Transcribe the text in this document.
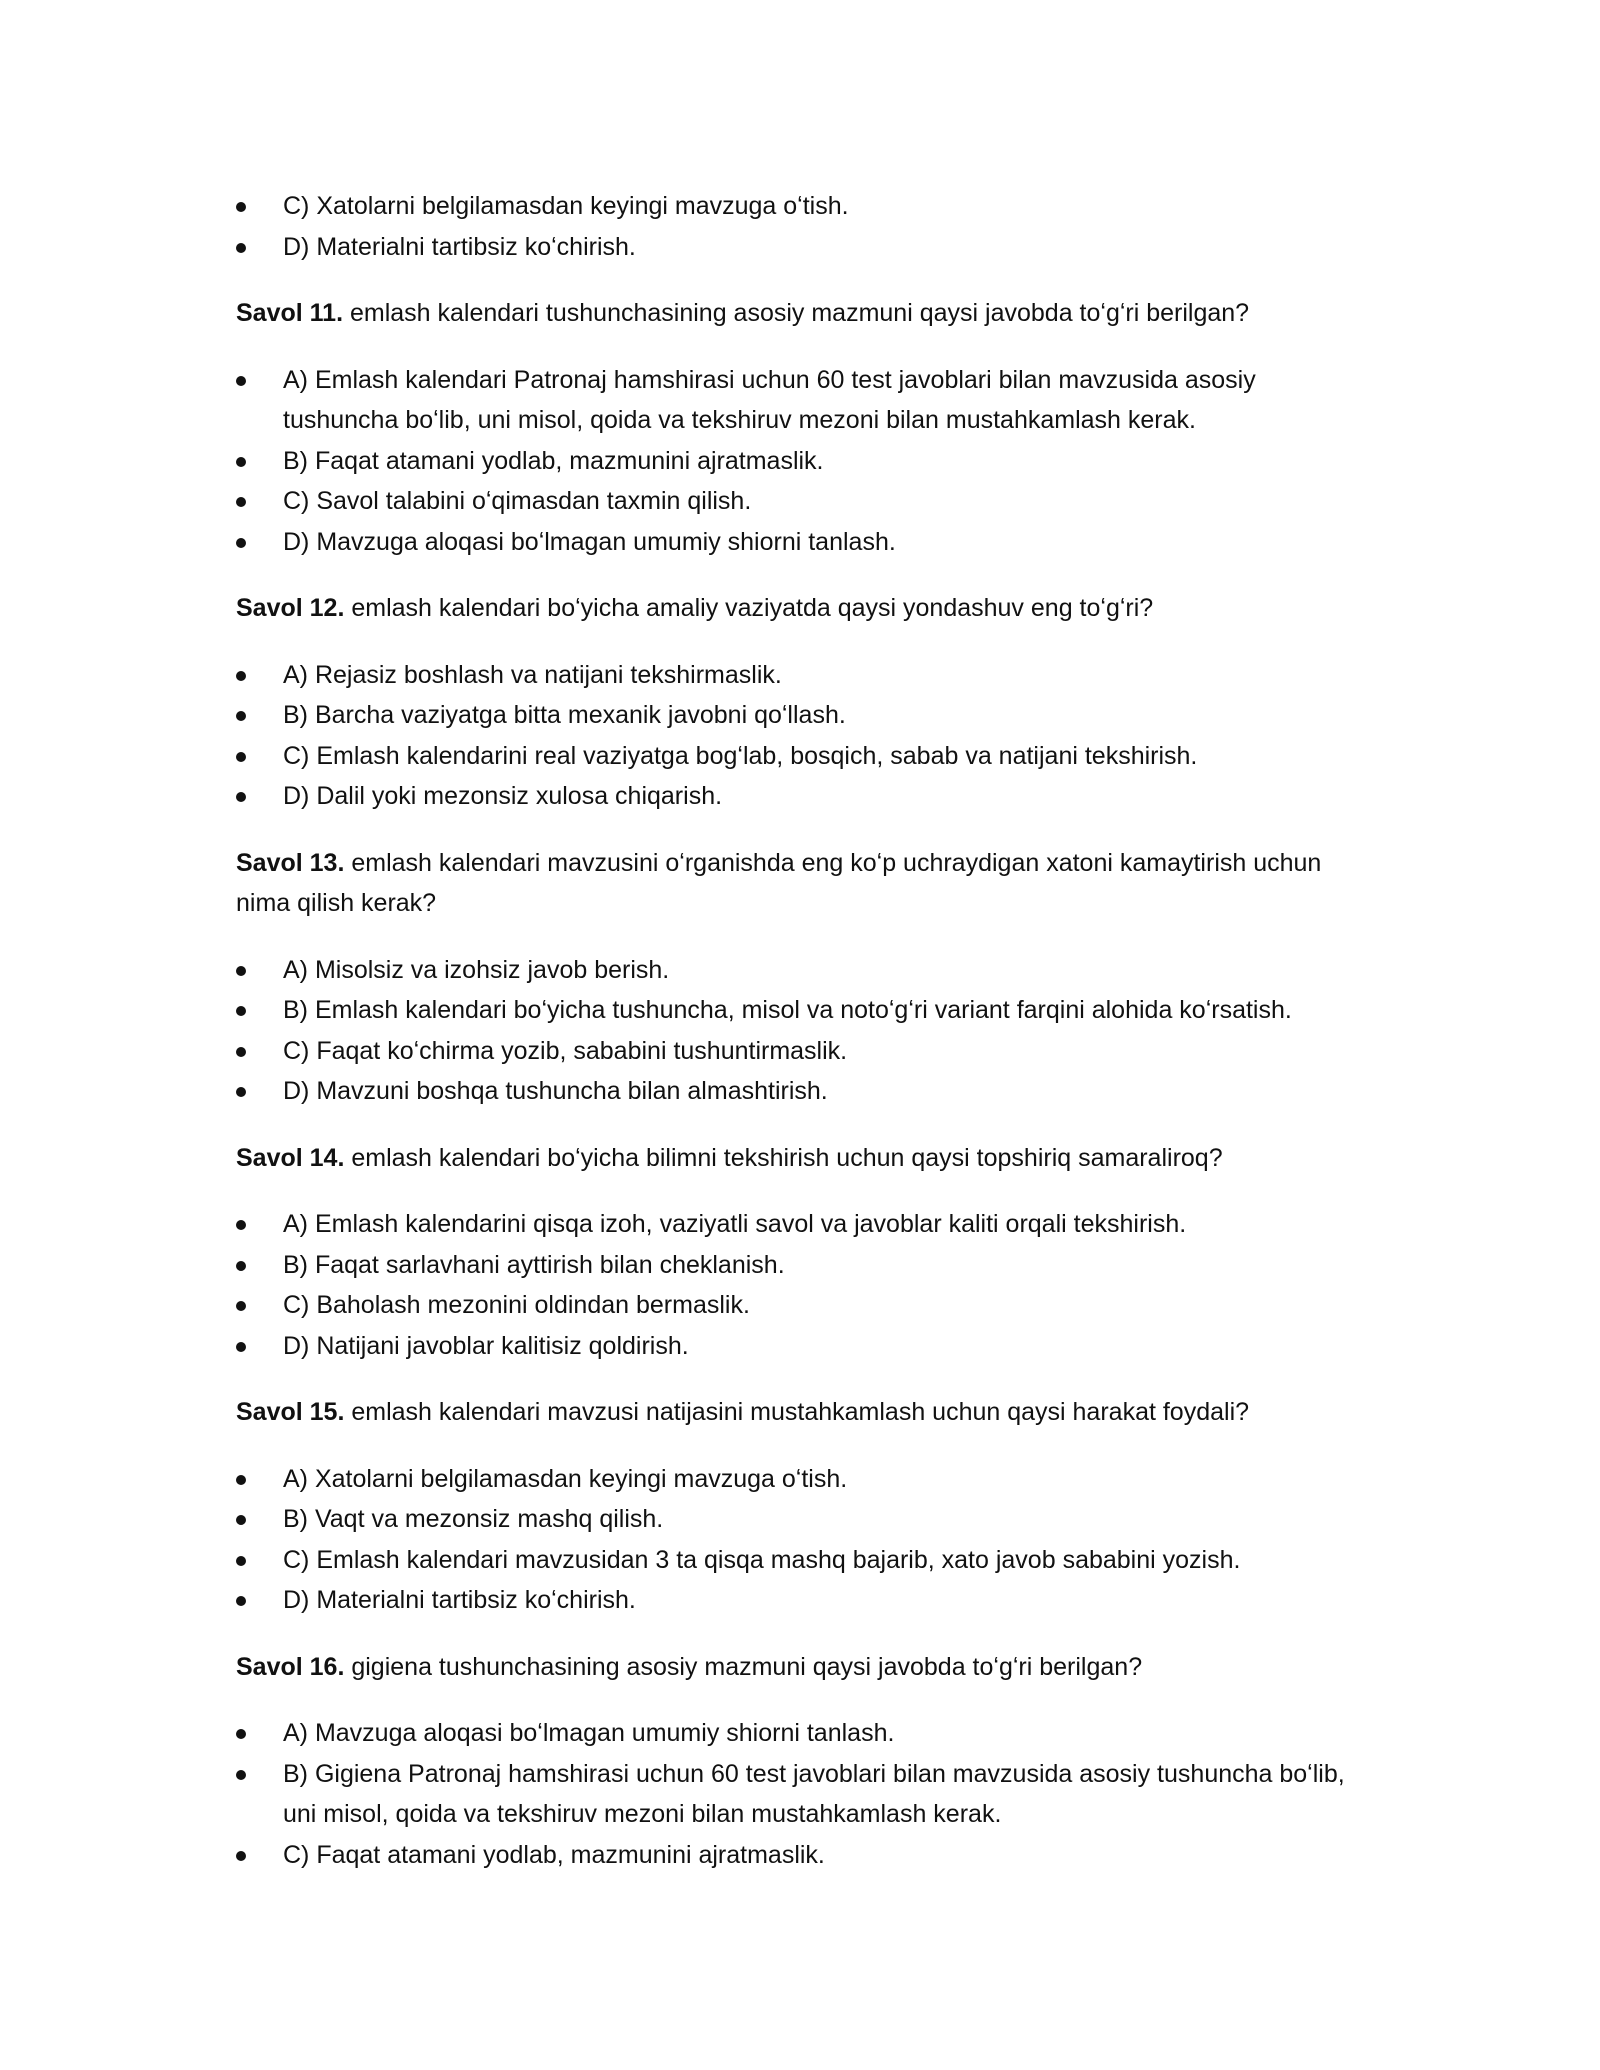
C) Xatolarni belgilamasdan keyingi mavzuga oʻtish.
D) Materialni tartibsiz koʻchirish.

Savol 11. emlash kalendari tushunchasining asosiy mazmuni qaysi javobda toʻgʻri berilgan?

A) Emlash kalendari Patronaj hamshirasi uchun 60 test javoblari bilan mavzusida asosiy tushuncha boʻlib, uni misol, qoida va tekshiruv mezoni bilan mustahkamlash kerak.
B) Faqat atamani yodlab, mazmunini ajratmaslik.
C) Savol talabini oʻqimasdan taxmin qilish.
D) Mavzuga aloqasi boʻlmagan umumiy shiorni tanlash.

Savol 12. emlash kalendari boʻyicha amaliy vaziyatda qaysi yondashuv eng toʻgʻri?

A) Rejasiz boshlash va natijani tekshirmaslik.
B) Barcha vaziyatga bitta mexanik javobni qoʻllash.
C) Emlash kalendarini real vaziyatga bogʻlab, bosqich, sabab va natijani tekshirish.
D) Dalil yoki mezonsiz xulosa chiqarish.

Savol 13. emlash kalendari mavzusini oʻrganishda eng koʻp uchraydigan xatoni kamaytirish uchun nima qilish kerak?

A) Misolsiz va izohsiz javob berish.
B) Emlash kalendari boʻyicha tushuncha, misol va notoʻgʻri variant farqini alohida koʻrsatish.
C) Faqat koʻchirma yozib, sababini tushuntirmaslik.
D) Mavzuni boshqa tushuncha bilan almashtirish.

Savol 14. emlash kalendari boʻyicha bilimni tekshirish uchun qaysi topshiriq samaraliroq?

A) Emlash kalendarini qisqa izoh, vaziyatli savol va javoblar kaliti orqali tekshirish.
B) Faqat sarlavhani ayttirish bilan cheklanish.
C) Baholash mezonini oldindan bermaslik.
D) Natijani javoblar kalitisiz qoldirish.

Savol 15. emlash kalendari mavzusi natijasini mustahkamlash uchun qaysi harakat foydali?

A) Xatolarni belgilamasdan keyingi mavzuga oʻtish.
B) Vaqt va mezonsiz mashq qilish.
C) Emlash kalendari mavzusidan 3 ta qisqa mashq bajarib, xato javob sababini yozish.
D) Materialni tartibsiz koʻchirish.

Savol 16. gigiena tushunchasining asosiy mazmuni qaysi javobda toʻgʻri berilgan?

A) Mavzuga aloqasi boʻlmagan umumiy shiorni tanlash.
B) Gigiena Patronaj hamshirasi uchun 60 test javoblari bilan mavzusida asosiy tushuncha boʻlib, uni misol, qoida va tekshiruv mezoni bilan mustahkamlash kerak.
C) Faqat atamani yodlab, mazmunini ajratmaslik.
